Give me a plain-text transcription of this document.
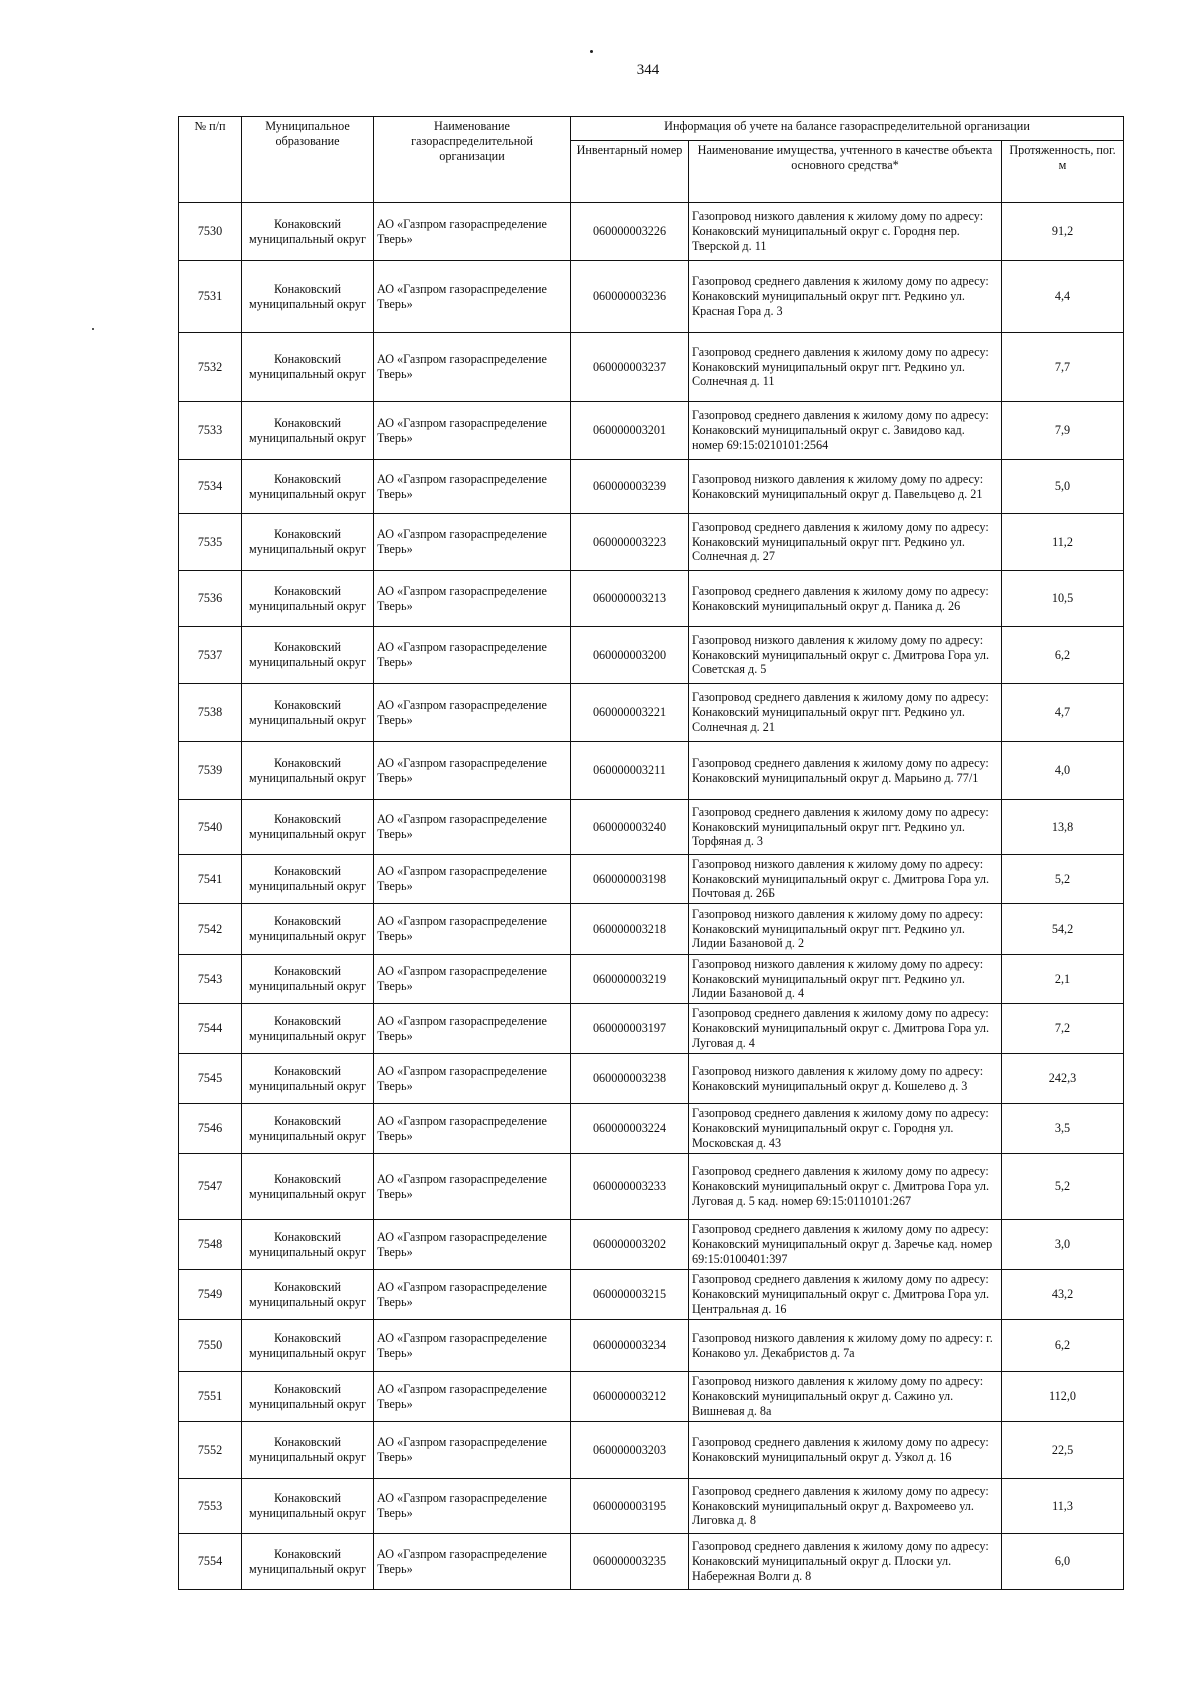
344
№ п/п	Муниципальное образование	Наименование газораспределительной организации	Информация об учете на балансе газораспределительной организации		
			Инвентарный номер	Наименование имущества, учтенного в качестве объекта основного средства*	Протяженность, пог. м
7530	Конаковский муниципальный округ	АО «Газпром газораспределение Тверь»	060000003226	Газопровод низкого давления к жилому дому по адресу: Конаковский муниципальный округ с. Городня пер. Тверской д. 11	91,2
7531	Конаковский муниципальный округ	АО «Газпром газораспределение Тверь»	060000003236	Газопровод среднего давления к жилому дому по адресу: Конаковский муниципальный округ пгт. Редкино ул. Красная Гора д. 3	4,4
7532	Конаковский муниципальный округ	АО «Газпром газораспределение Тверь»	060000003237	Газопровод среднего давления к жилому дому по адресу: Конаковский муниципальный округ пгт. Редкино ул. Солнечная д. 11	7,7
7533	Конаковский муниципальный округ	АО «Газпром газораспределение Тверь»	060000003201	Газопровод среднего давления к жилому дому по адресу: Конаковский муниципальный округ с. Завидово кад. номер 69:15:0210101:2564	7,9
7534	Конаковский муниципальный округ	АО «Газпром газораспределение Тверь»	060000003239	Газопровод низкого давления к жилому дому по адресу: Конаковский муниципальный округ д. Павельцево д. 21	5,0
7535	Конаковский муниципальный округ	АО «Газпром газораспределение Тверь»	060000003223	Газопровод среднего давления к жилому дому по адресу: Конаковский муниципальный округ пгт. Редкино ул. Солнечная д. 27	11,2
7536	Конаковский муниципальный округ	АО «Газпром газораспределение Тверь»	060000003213	Газопровод среднего давления к жилому дому по адресу: Конаковский муниципальный округ д. Паника д. 26	10,5
7537	Конаковский муниципальный округ	АО «Газпром газораспределение Тверь»	060000003200	Газопровод низкого давления к жилому дому по адресу: Конаковский муниципальный округ с. Дмитрова Гора ул. Советская д. 5	6,2
7538	Конаковский муниципальный округ	АО «Газпром газораспределение Тверь»	060000003221	Газопровод среднего давления к жилому дому по адресу: Конаковский муниципальный округ пгт. Редкино ул. Солнечная д. 21	4,7
7539	Конаковский муниципальный округ	АО «Газпром газораспределение Тверь»	060000003211	Газопровод среднего давления к жилому дому по адресу: Конаковский муниципальный округ д. Марьино д. 77/1	4,0
7540	Конаковский муниципальный округ	АО «Газпром газораспределение Тверь»	060000003240	Газопровод среднего давления к жилому дому по адресу: Конаковский муниципальный округ пгт. Редкино ул. Торфяная д. 3	13,8
7541	Конаковский муниципальный округ	АО «Газпром газораспределение Тверь»	060000003198	Газопровод низкого давления к жилому дому по адресу: Конаковский муниципальный округ с. Дмитрова Гора ул. Почтовая д. 26Б	5,2
7542	Конаковский муниципальный округ	АО «Газпром газораспределение Тверь»	060000003218	Газопровод низкого давления к жилому дому по адресу: Конаковский муниципальный округ пгт. Редкино ул. Лидии Базановой д. 2	54,2
7543	Конаковский муниципальный округ	АО «Газпром газораспределение Тверь»	060000003219	Газопровод низкого давления к жилому дому по адресу: Конаковский муниципальный округ пгт. Редкино ул. Лидии Базановой д. 4	2,1
7544	Конаковский муниципальный округ	АО «Газпром газораспределение Тверь»	060000003197	Газопровод среднего давления к жилому дому по адресу: Конаковский муниципальный округ с. Дмитрова Гора ул. Луговая д. 4	7,2
7545	Конаковский муниципальный округ	АО «Газпром газораспределение Тверь»	060000003238	Газопровод низкого давления к жилому дому по адресу: Конаковский муниципальный округ д. Кошелево д. 3	242,3
7546	Конаковский муниципальный округ	АО «Газпром газораспределение Тверь»	060000003224	Газопровод среднего давления к жилому дому по адресу: Конаковский муниципальный округ с. Городня ул. Московская д. 43	3,5
7547	Конаковский муниципальный округ	АО «Газпром газораспределение Тверь»	060000003233	Газопровод среднего давления к жилому дому по адресу: Конаковский муниципальный округ с. Дмитрова Гора ул. Луговая д. 5 кад. номер 69:15:0110101:267	5,2
7548	Конаковский муниципальный округ	АО «Газпром газораспределение Тверь»	060000003202	Газопровод среднего давления к жилому дому по адресу: Конаковский муниципальный округ д. Заречье кад. номер 69:15:0100401:397	3,0
7549	Конаковский муниципальный округ	АО «Газпром газораспределение Тверь»	060000003215	Газопровод среднего давления к жилому дому по адресу: Конаковский муниципальный округ с. Дмитрова Гора ул. Центральная д. 16	43,2
7550	Конаковский муниципальный округ	АО «Газпром газораспределение Тверь»	060000003234	Газопровод низкого давления к жилому дому по адресу: г. Конаково ул. Декабристов д. 7а	6,2
7551	Конаковский муниципальный округ	АО «Газпром газораспределение Тверь»	060000003212	Газопровод низкого давления к жилому дому по адресу: Конаковский муниципальный округ д. Сажино ул. Вишневая д. 8а	112,0
7552	Конаковский муниципальный округ	АО «Газпром газораспределение Тверь»	060000003203	Газопровод среднего давления к жилому дому по адресу: Конаковский муниципальный округ д. Узкол д. 16	22,5
7553	Конаковский муниципальный округ	АО «Газпром газораспределение Тверь»	060000003195	Газопровод среднего давления к жилому дому по адресу: Конаковский муниципальный округ д. Вахромеево ул. Лиговка д. 8	11,3
7554	Конаковский муниципальный округ	АО «Газпром газораспределение Тверь»	060000003235	Газопровод среднего давления к жилому дому по адресу: Конаковский муниципальный округ д. Плоски ул. Набережная Волги д. 8	6,0
